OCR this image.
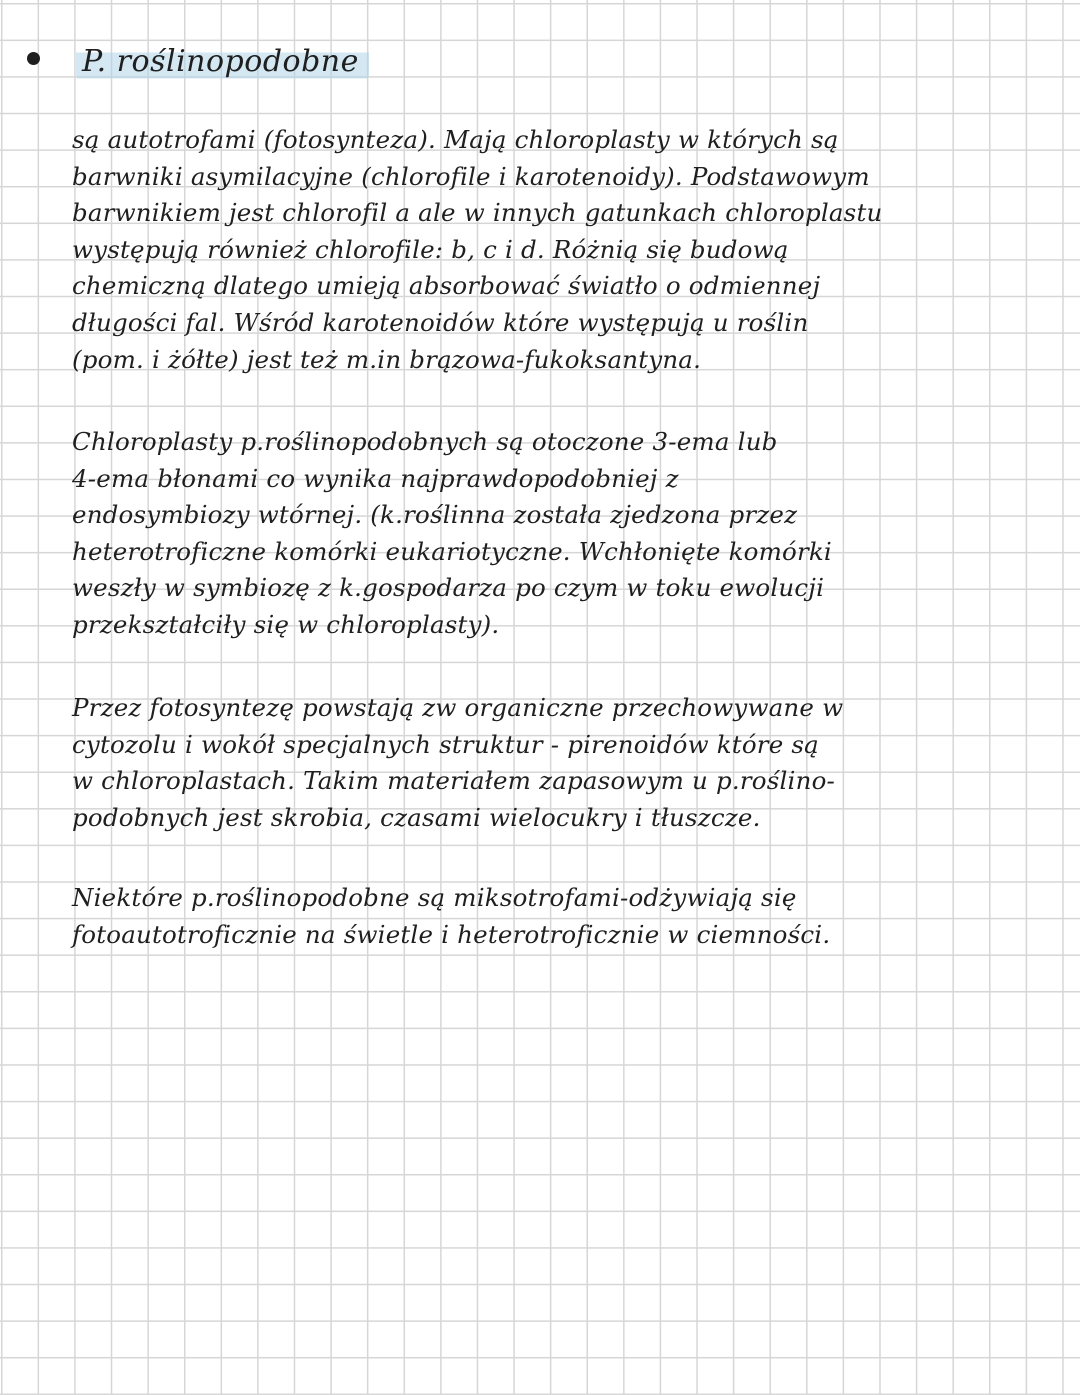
P. roślinopodobne
są autotrofami (fotosynteza). Mają chloroplasty w których są
barwniki asymilacyjne (chlorofile i karotenoidy). Podstawowym
barwnikiem jest chlorofil a ale w innych gatunkach chloroplastu
występują również chlorofile: b, c i d. Różnią się budową
chemiczną dlatego umieją absorbować światło o odmiennej
długości fal. Wśród karotenoidów które występują u roślin
(pom. i żółte) jest też m.in brązowa-fukoksantyna.
Chloroplasty p.roślinopodobnych są otoczone 3-ema lub
4-ema błonami co wynika najprawdopodobniej z
endosymbiozy wtórnej. (k.roślinna została zjedzona przez
heterotroficzne komórki eukariotyczne. Wchłonięte komórki
weszły w symbiozę z k.gospodarza po czym w toku ewolucji
przekształciły się w chloroplasty).
Przez fotosyntezę powstają zw organiczne przechowywane w
cytozolu i wokół specjalnych struktur - pirenoidów które są
w chloroplastach. Takim materiałem zapasowym u p.roślino-
podobnych jest skrobia, czasami wielocukry i tłuszcze.
Niektóre p.roślinopodobne są miksotrofami-odżywiają się
fotoautotroficznie na świetle i heterotroficznie w ciemności.
